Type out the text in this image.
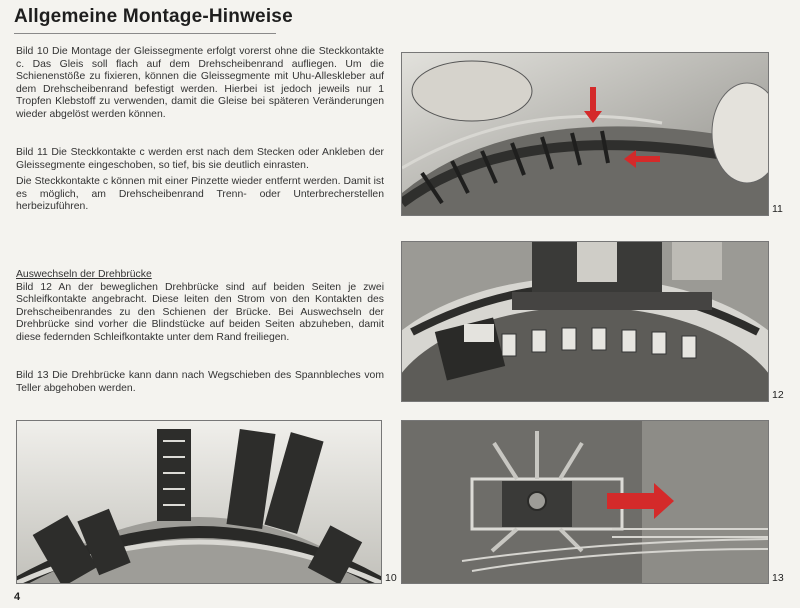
Allgemeine Montage-Hinweise

Bild 10 Die Montage der Gleissegmente erfolgt vorerst ohne die Steckkontakte c. Das Gleis soll flach auf dem Drehscheibenrand aufliegen. Um die Schienenstöße zu fixieren, können die Gleissegmente mit Uhu-Alleskleber auf dem Drehscheibenrand befestigt werden. Hierbei ist jedoch jeweils nur 1 Tropfen Klebstoff zu verwenden, damit die Gleise bei späteren Veränderungen wieder abgelöst werden können.

Bild 11 Die Steckkontakte c werden erst nach dem Stecken oder Ankleben der Gleissegmente eingeschoben, so tief, bis sie deutlich einrasten.

Die Steckkontakte c können mit einer Pinzette wieder entfernt werden. Damit ist es möglich, am Drehscheibenrand Trenn- oder Unterbrecherstellen herbeizuführen.

Auswechseln der Drehbrücke

Bild 12 An der beweglichen Drehbrücke sind auf beiden Seiten je zwei Schleifkontakte angebracht. Diese leiten den Strom von den Kontakten des Drehscheibenrandes zu den Schienen der Brücke. Bei Auswechseln der Drehbrücke sind vorher die Blindstücke auf beiden Seiten abzuheben, damit diese federnden Schleifkontakte unter dem Rand freiliegen.

Bild 13 Die Drehbrücke kann dann nach Wegschieben des Spannbleches vom Teller abgehoben werden.

11
12
10	13
4
